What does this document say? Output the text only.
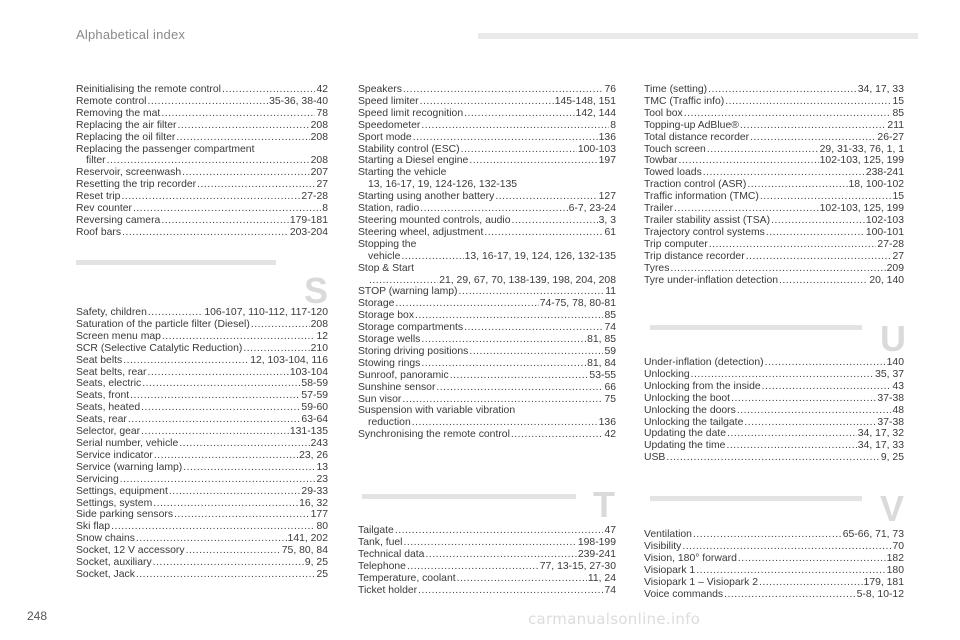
Alphabetical index
Reinitialising the remote control .....	42
Remote control .....	35-36, 38-40
Removing the mat .....	78
Replacing the air filter .....	208
Replacing the oil filter .....	208
Replacing the passenger compartment
filter .....	208
Reservoir, screenwash .....	207
Resetting the trip recorder .....	27
Reset trip .....	27-28
Rev counter .....	8
Reversing camera .....	179-181
Roof bars .....	203-204
S
Safety, children .....	106-107, 110-112, 117-120
Saturation of the particle filter (Diesel) .....	208
Screen menu map .....	12
SCR (Selective Catalytic Reduction) .....	210
Seat belts .....	12, 103-104, 116
Seat belts, rear .....	103-104
Seats, electric .....	58-59
Seats, front .....	57-59
Seats, heated .....	59-60
Seats, rear .....	63-64
Selector, gear .....	131-135
Serial number, vehicle .....	243
Service indicator .....	23, 26
Service (warning lamp) .....	13
Servicing .....	23
Settings, equipment .....	29-33
Settings, system .....	16, 32
Side parking sensors .....	177
Ski flap .....	80
Snow chains .....	141, 202
Socket, 12 V accessory .....	75, 80, 84
Socket, auxiliary .....	9, 25
Socket, Jack .....	25
Speakers .....	76
Speed limiter .....	145-148, 151
Speed limit recognition .....	142, 144
Speedometer .....	8
Sport mode .....	136
Stability control (ESC) .....	100-103
Starting a Diesel engine .....	197
Starting the vehicle
13, 16-17, 19, 124-126, 132-135
Starting using another battery .....	127
Station, radio .....	6-7, 23-24
Steering mounted controls, audio .....	3, 3
Steering wheel, adjustment .....	61
Stopping the
vehicle .....	13, 16-17, 19, 124, 126, 132-135
Stop & Start
.....
21, 29, 67, 70, 138-139, 198, 204, 208
STOP (warning lamp) .....	11
Storage .....	74-75, 78, 80-81
Storage box .....	85
Storage compartments .....	74
Storage wells .....	81, 85
Storing driving positions .....	59
Stowing rings .....	81, 84
Sunroof, panoramic .....	53-55
Sunshine sensor .....	66
Sun visor .....	75
Suspension with variable vibration
reduction .....	136
Synchronising the remote control .....	42
T
Tailgate .....	47
Tank, fuel .....	198-199
Technical data .....	239-241
Telephone .....	77, 13-15, 27-30
Temperature, coolant .....	11, 24
Ticket holder .....	74
Time (setting) .....	34, 17, 33
TMC (Traffic info) .....	15
Tool box .....	85
Topping-up AdBlue® .....	211
Total distance recorder .....	26-27
Touch screen .....	29, 31-33, 76, 1, 1
Towbar .....	102-103, 125, 199
Towed loads .....	238-241
Traction control (ASR) .....	18, 100-102
Traffic information (TMC) .....	15
Trailer .....	102-103, 125, 199
Trailer stability assist (TSA) .....	102-103
Trajectory control systems .....	100-101
Trip computer .....	27-28
Trip distance recorder .....	27
Tyres .....	209
Tyre under-inflation detection .....	20, 140
U
Under-inflation (detection) .....	140
Unlocking .....	35, 37
Unlocking from the inside .....	43
Unlocking the boot .....	37-38
Unlocking the doors .....	48
Unlocking the tailgate .....	37-38
Updating the date .....	34, 17, 32
Updating the time .....	34, 17, 33
USB .....	9, 25
V
Ventilation .....	65-66, 71, 73
Visibility .....	70
Vision, 180° forward .....	182
Visiopark 1 .....	180
Visiopark 1 – Visiopark 2 .....	179, 181
Voice commands .....	5-8, 10-12
248	carmanualsonline.info
